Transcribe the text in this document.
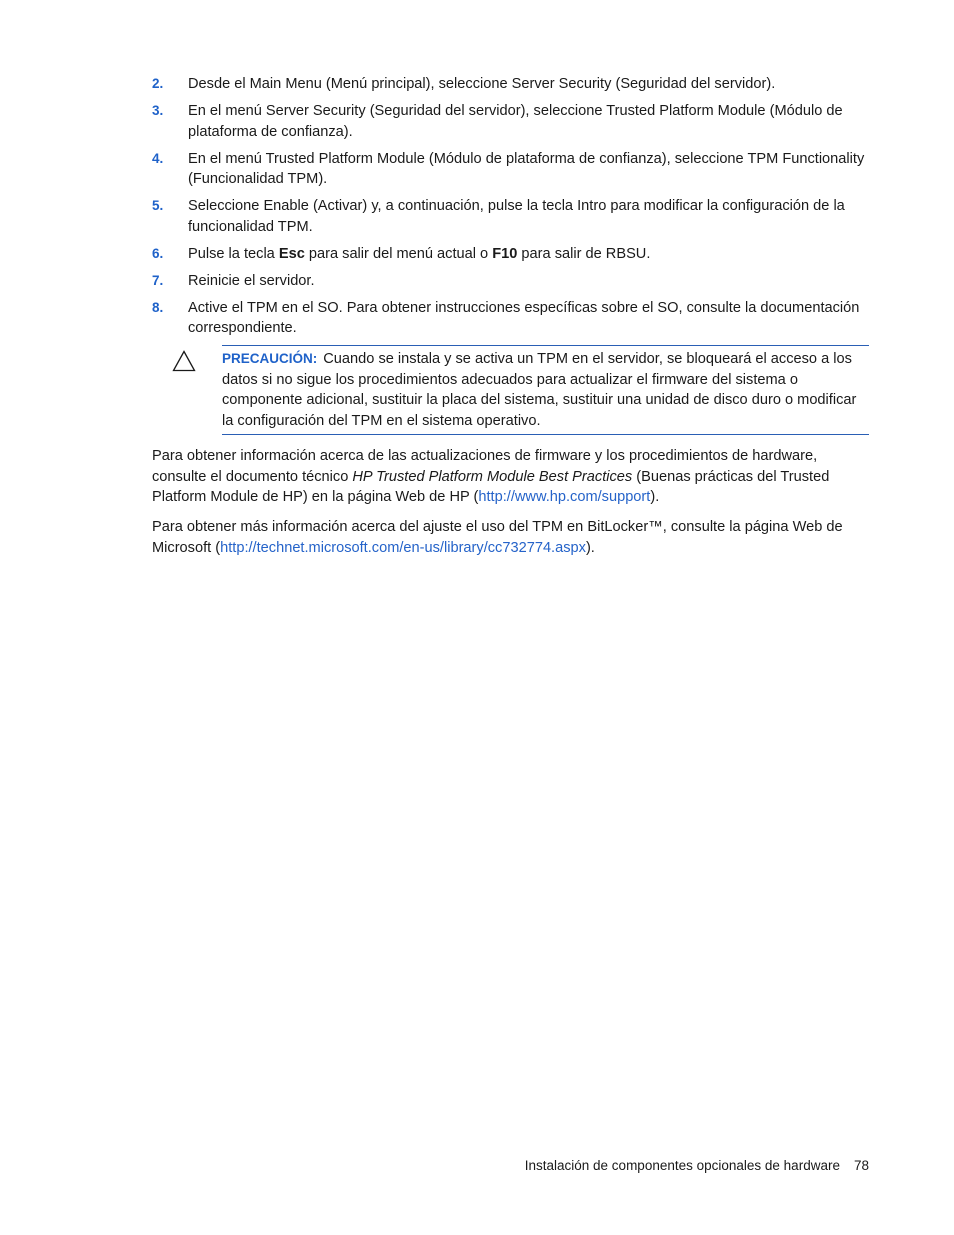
2. Desde el Main Menu (Menú principal), seleccione Server Security (Seguridad del servidor).
3. En el menú Server Security (Seguridad del servidor), seleccione Trusted Platform Module (Módulo de plataforma de confianza).
4. En el menú Trusted Platform Module (Módulo de plataforma de confianza), seleccione TPM Functionality (Funcionalidad TPM).
5. Seleccione Enable (Activar) y, a continuación, pulse la tecla Intro para modificar la configuración de la funcionalidad TPM.
6. Pulse la tecla Esc para salir del menú actual o F10 para salir de RBSU.
7. Reinicie el servidor.
8. Active el TPM en el SO. Para obtener instrucciones específicas sobre el SO, consulte la documentación correspondiente.
PRECAUCIÓN: Cuando se instala y se activa un TPM en el servidor, se bloqueará el acceso a los datos si no sigue los procedimientos adecuados para actualizar el firmware del sistema o componente adicional, sustituir la placa del sistema, sustituir una unidad de disco duro o modificar la configuración del TPM en el sistema operativo.

Para obtener información acerca de las actualizaciones de firmware y los procedimientos de hardware, consulte el documento técnico HP Trusted Platform Module Best Practices (Buenas prácticas del Trusted Platform Module de HP) en la página Web de HP (http://www.hp.com/support).

Para obtener más información acerca del ajuste el uso del TPM en BitLocker™, consulte la página Web de Microsoft (http://technet.microsoft.com/en-us/library/cc732774.aspx).

Instalación de componentes opcionales de hardware 78
